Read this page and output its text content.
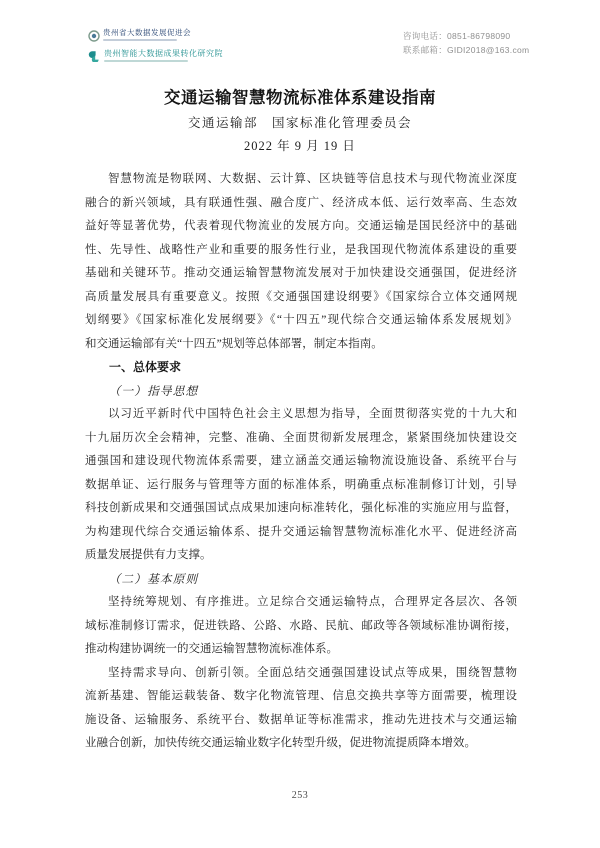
贵州省大数据发展促进会
贵州智能大数据成果转化研究院
咨询电话：0851-86798090
联系邮箱：GIDI2018@163.com
交通运输智慧物流标准体系建设指南
交通运输部　国家标准化管理委员会
2022 年 9 月 19 日
智慧物流是物联网、大数据、云计算、区块链等信息技术与现代物流业深度
融合的新兴领域，具有联通性强、融合度广、经济成本低、运行效率高、生态效
益好等显著优势，代表着现代物流业的发展方向。交通运输是国民经济中的基础
性、先导性、战略性产业和重要的服务性行业，是我国现代物流体系建设的重要
基础和关键环节。推动交通运输智慧物流发展对于加快建设交通强国，促进经济
高质量发展具有重要意义。按照《交通强国建设纲要》《国家综合立体交通网规
划纲要》《国家标准化发展纲要》《“十四五”现代综合交通运输体系发展规划》
和交通运输部有关“十四五”规划等总体部署，制定本指南。
一、总体要求
（一）指导思想
以习近平新时代中国特色社会主义思想为指导，全面贯彻落实党的十九大和
十九届历次全会精神，完整、准确、全面贯彻新发展理念，紧紧围绕加快建设交
通强国和建设现代物流体系需要，建立涵盖交通运输物流设施设备、系统平台与
数据单证、运行服务与管理等方面的标准体系，明确重点标准制修订计划，引导
科技创新成果和交通强国试点成果加速向标准转化，强化标准的实施应用与监督，
为构建现代综合交通运输体系、提升交通运输智慧物流标准化水平、促进经济高
质量发展提供有力支撑。
（二）基本原则
坚持统筹规划、有序推进。立足综合交通运输特点，合理界定各层次、各领
域标准制修订需求，促进铁路、公路、水路、民航、邮政等各领域标准协调衔接，
推动构建协调统一的交通运输智慧物流标准体系。
坚持需求导向、创新引领。全面总结交通强国建设试点等成果，围绕智慧物
流新基建、智能运载装备、数字化物流管理、信息交换共享等方面需要，梳理设
施设备、运输服务、系统平台、数据单证等标准需求，推动先进技术与交通运输
业融合创新，加快传统交通运输业数字化转型升级，促进物流提质降本增效。
253
